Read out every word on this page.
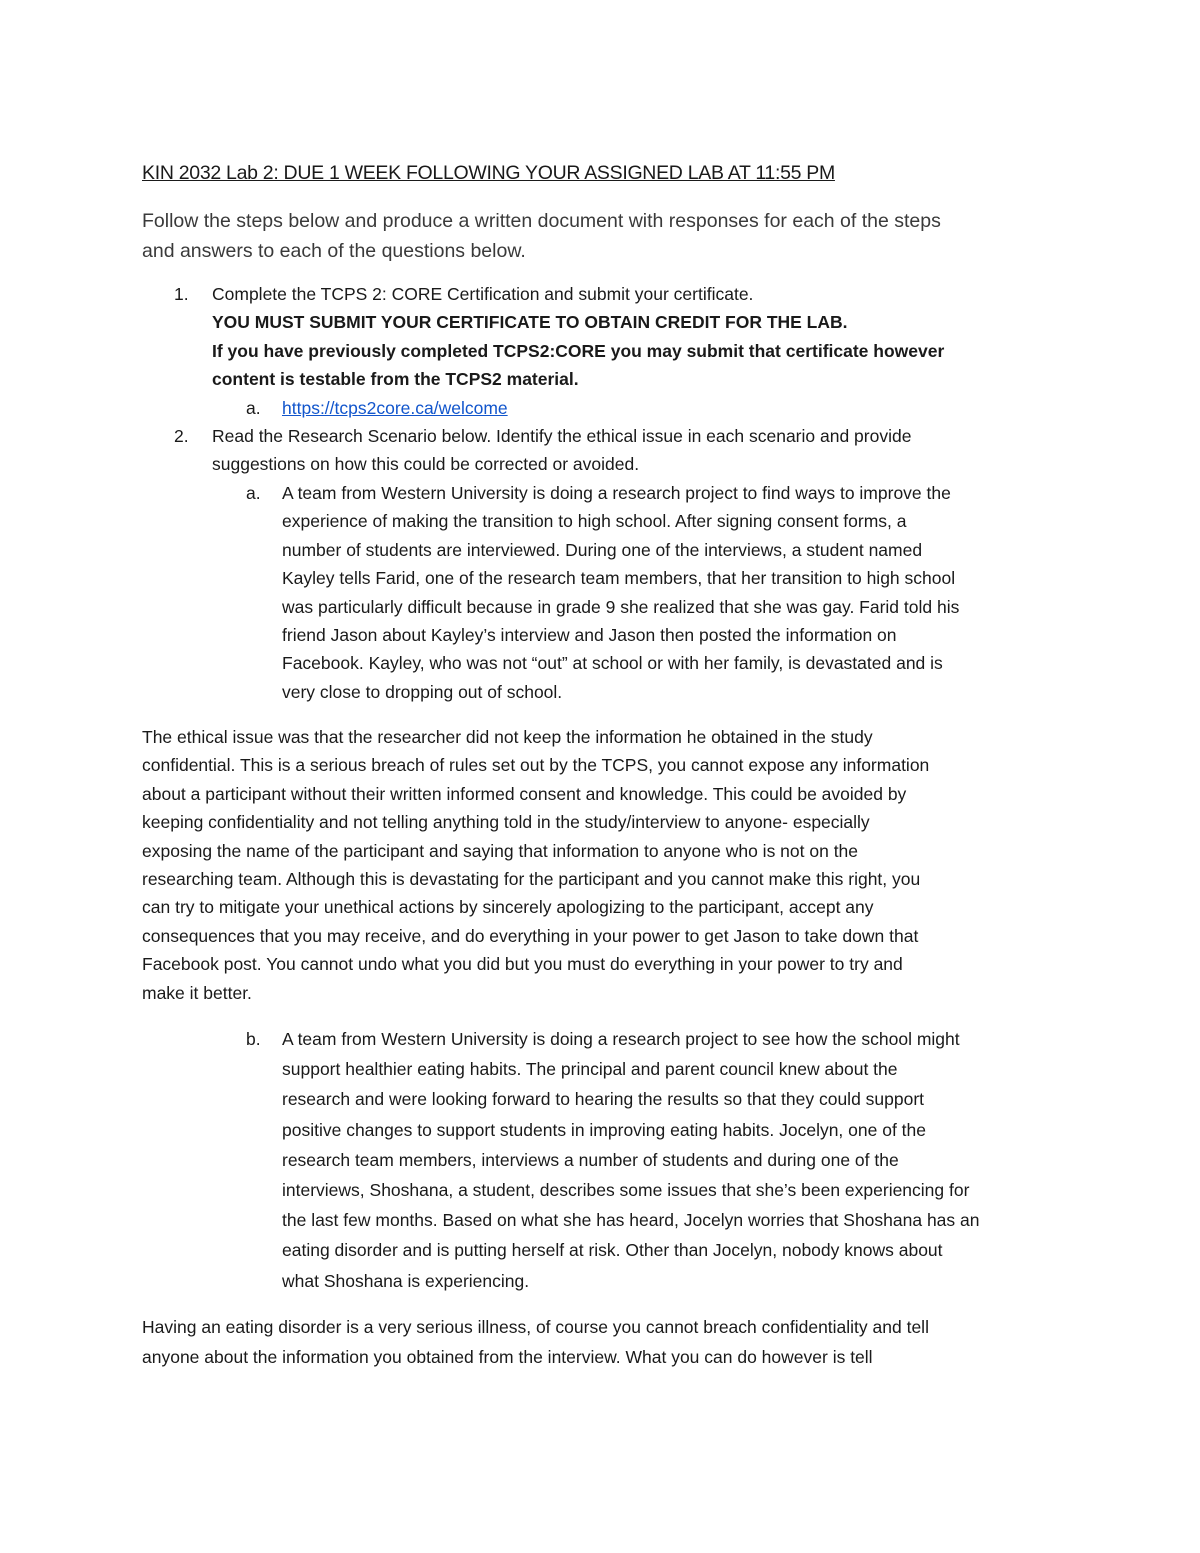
KIN 2032 Lab 2: DUE 1 WEEK FOLLOWING YOUR ASSIGNED LAB AT 11:55 PM

Follow the steps below and produce a written document with responses for each of the steps
and answers to each of the questions below.

1. Complete the TCPS 2: CORE Certification and submit your certificate.
YOU MUST SUBMIT YOUR CERTIFICATE TO OBTAIN CREDIT FOR THE LAB.
If you have previously completed TCPS2:CORE you may submit that certificate however
content is testable from the TCPS2 material.
a. https://tcps2core.ca/welcome
2. Read the Research Scenario below. Identify the ethical issue in each scenario and provide
suggestions on how this could be corrected or avoided.
a. A team from Western University is doing a research project to find ways to improve the
experience of making the transition to high school. After signing consent forms, a
number of students are interviewed. During one of the interviews, a student named
Kayley tells Farid, one of the research team members, that her transition to high school
was particularly difficult because in grade 9 she realized that she was gay. Farid told his
friend Jason about Kayley’s interview and Jason then posted the information on
Facebook. Kayley, who was not “out” at school or with her family, is devastated and is
very close to dropping out of school.

The ethical issue was that the researcher did not keep the information he obtained in the study
confidential. This is a serious breach of rules set out by the TCPS, you cannot expose any information
about a participant without their written informed consent and knowledge. This could be avoided by
keeping confidentiality and not telling anything told in the study/interview to anyone- especially
exposing the name of the participant and saying that information to anyone who is not on the
researching team. Although this is devastating for the participant and you cannot make this right, you
can try to mitigate your unethical actions by sincerely apologizing to the participant, accept any
consequences that you may receive, and do everything in your power to get Jason to take down that
Facebook post. You cannot undo what you did but you must do everything in your power to try and
make it better.

b. A team from Western University is doing a research project to see how the school might
support healthier eating habits. The principal and parent council knew about the
research and were looking forward to hearing the results so that they could support
positive changes to support students in improving eating habits. Jocelyn, one of the
research team members, interviews a number of students and during one of the
interviews, Shoshana, a student, describes some issues that she’s been experiencing for
the last few months. Based on what she has heard, Jocelyn worries that Shoshana has an
eating disorder and is putting herself at risk. Other than Jocelyn, nobody knows about
what Shoshana is experiencing.

Having an eating disorder is a very serious illness, of course you cannot breach confidentiality and tell
anyone about the information you obtained from the interview. What you can do however is tell
